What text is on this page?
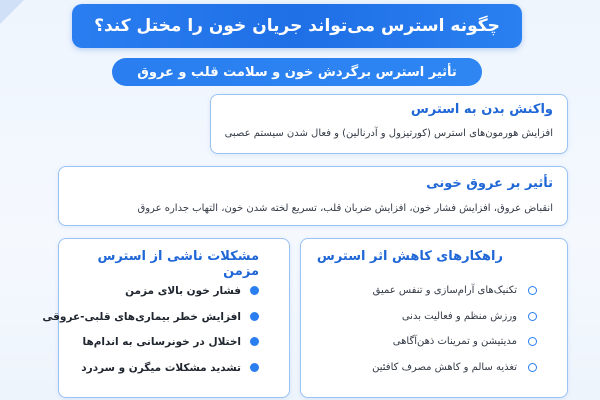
چگونه استرس می‌تواند جریان خون را مختل کند؟
تأثیر استرس برگردش خون و سلامت قلب و عروق
واکنش بدن به استرس
افزایش هورمون‌های استرس (کورتیزول و آدرنالین) و فعال شدن سیستم عصبی
تأثیر بر عروق خونی
انقباض عروق، افزایش فشار خون، افزایش ضربان قلب، تسریع لخته شدن خون، التهاب جداره عروق
مشکلات ناشی از استرس مزمن
فشار خون بالای مزمن
افزایش خطر بیماری‌های قلبی-عروقی
اختلال در خونرسانی به اندام‌ها
تشدید مشکلات میگرن و سردرد
راهکارهای کاهش اثر استرس
تکنیک‌های آرام‌سازی و تنفس عمیق
ورزش منظم و فعالیت بدنی
مدیتیشن و تمرینات ذهن‌آگاهی
تغذیه سالم و کاهش مصرف کافئین
